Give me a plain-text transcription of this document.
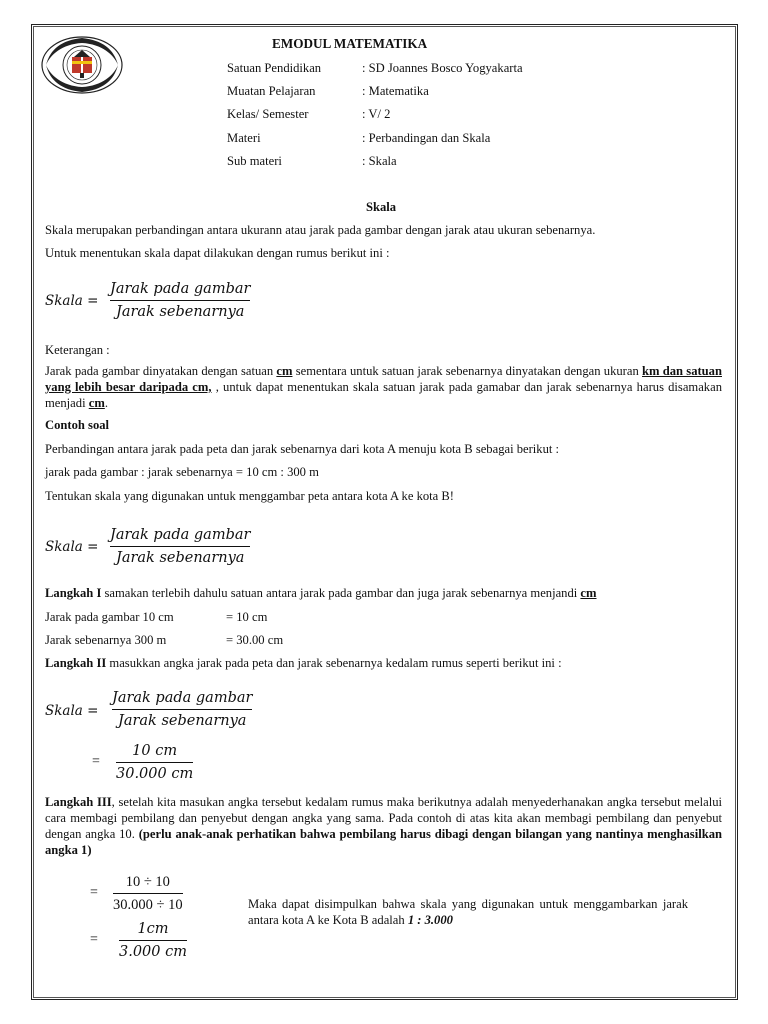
EMODUL MATEMATIKA
Satuan Pendidikan	: SD Joannes Bosco Yogyakarta
Muatan Pelajaran	: Matematika
Kelas/ Semester	: V/ 2
Materi	: Perbandingan dan Skala
Sub materi	: Skala
Skala
Skala merupakan perbandingan antara ukurann atau jarak pada gambar dengan jarak atau ukuran sebenarnya.
Untuk menentukan skala dapat dilakukan dengan rumus berikut ini :
Skala =
Jarak pada gambar
Jarak sebenarnya
Keterangan :
Jarak pada gambar dinyatakan dengan satuan cm sementara untuk satuan jarak sebenarnya dinyatakan dengan ukuran km dan satuan yang lebih besar daripada cm, , untuk dapat menentukan skala satuan jarak pada gamabar dan jarak sebenarnya harus disamakan menjadi cm.
Contoh soal
Perbandingan antara jarak pada peta dan jarak sebenarnya dari kota A menuju kota B sebagai berikut :
jarak pada gambar : jarak sebenarnya = 10 cm : 300 m
Tentukan skala yang digunakan untuk menggambar peta antara kota A ke kota B!
Skala =
Jarak pada gambar
Jarak sebenarnya
Langkah I samakan terlebih dahulu satuan antara jarak pada gambar dan juga jarak sebenarnya menjandi cm
Jarak pada gambar 10 cm	= 10 cm
Jarak sebenarnya 300 m	= 30.00 cm
Langkah II masukkan angka jarak pada peta dan jarak sebenarnya kedalam rumus seperti berikut ini :
Skala =
Jarak pada gambar
Jarak sebenarnya
=
10 cm
30.000 cm
Langkah III, setelah kita masukan angka tersebut kedalam rumus maka berikutnya adalah menyederhanakan angka tersebut melalui cara membagi pembilang dan penyebut dengan angka yang sama. Pada contoh di atas kita akan membagi pembilang dan penyebut dengan angka 10. (perlu anak-anak perhatikan bahwa pembilang harus dibagi dengan bilangan yang nantinya menghasilkan angka 1)
=
10 ÷ 10
30.000 ÷ 10
=
1cm
3.000 cm
Maka dapat disimpulkan bahwa skala yang digunakan untuk menggambarkan jarak antara kota A ke Kota B adalah 1 : 3.000
